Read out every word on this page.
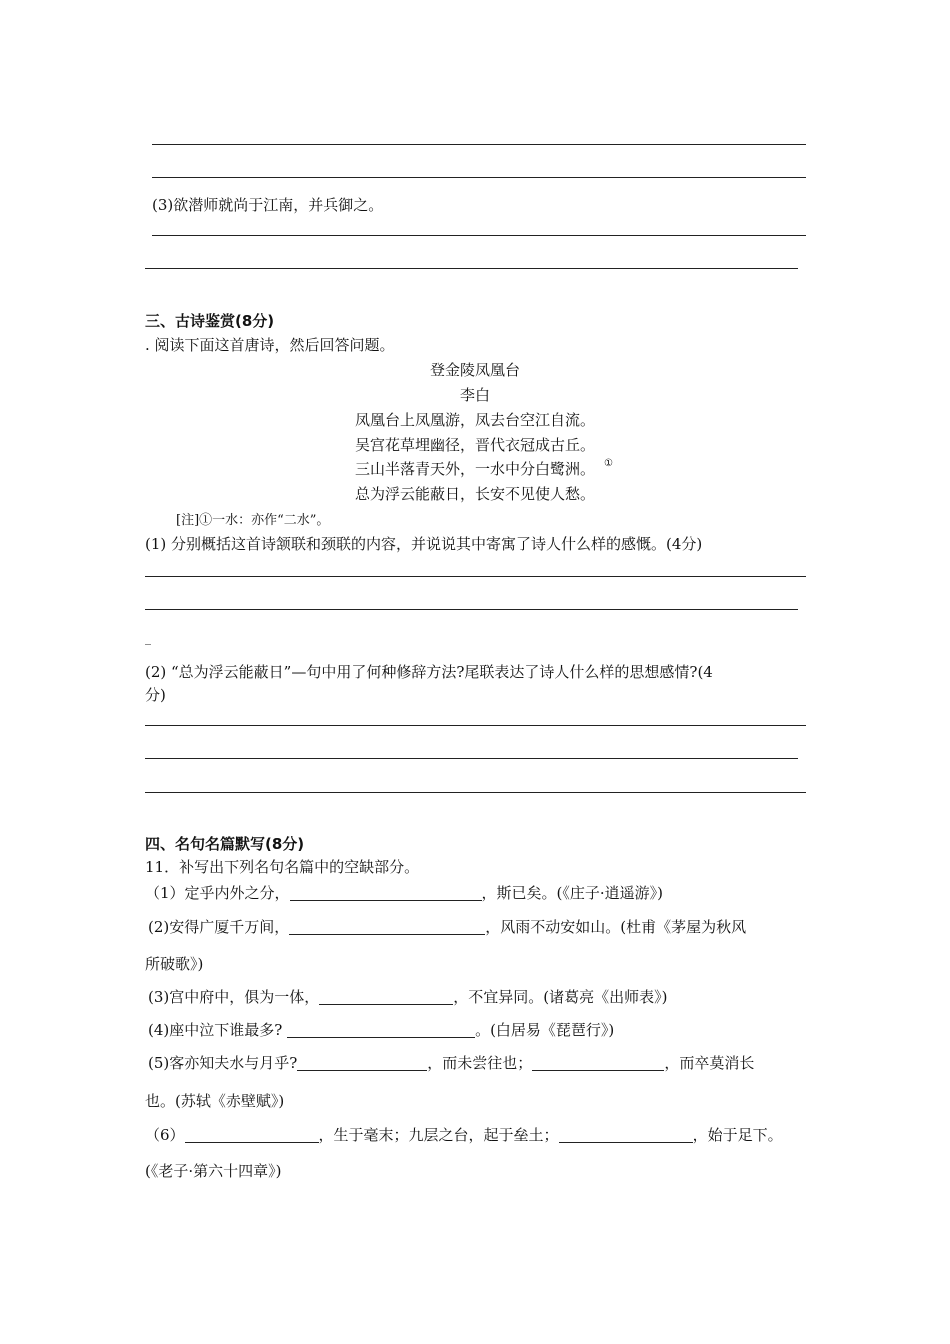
(3)欲潜师就尚于江南，并兵御之。
三、古诗鉴赏(8分)
. 阅读下面这首唐诗，然后回答问题。
登金陵凤凰台
李白
凤凰台上凤凰游，凤去台空江自流。
吴宫花草埋幽径，晋代衣冠成古丘。
三山半落青天外，一水中分白鹭洲。 ①
总为浮云能蔽日，长安不见使人愁。
[注]①一水：亦作“二水”。
(1) 分别概括这首诗颔联和颈联的内容，并说说其中寄寓了诗人什么样的感慨。(4分)
_
(2) “总为浮云能蔽日”—句中用了何种修辞方法?尾联表达了诗人什么样的思想感情?(4
分)
四、名句名篇默写(8分)
11．补写出下列名句名篇中的空缺部分。
（1）定乎内外之分，	，斯已矣。(《庄子·逍遥游》)
(2)安得广厦千万间，	，风雨不动安如山。(杜甫《茅屋为秋风
所破歌》)
(3)宫中府中，俱为一体，	，不宜异同。(诸葛亮《出师表》)
(4)座中泣下谁最多?	。(白居易《琵琶行》)
(5)客亦知夫水与月乎?	，而未尝往也；	，而卒莫消长
也。(苏轼《赤壁赋》)
（6）	，生于毫末；九层之台，起于垒土；	，始于足下。
(《老子·第六十四章》)
